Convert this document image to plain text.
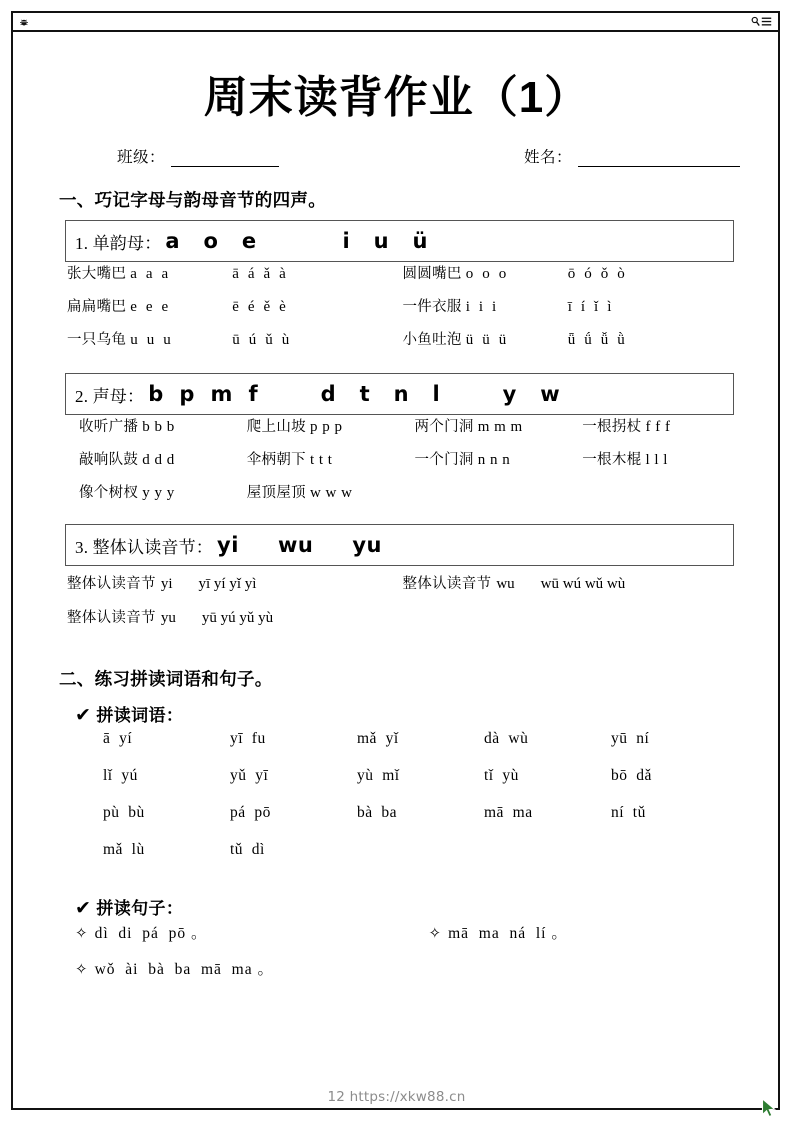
周末读背作业（1）
班级：	姓名：
一、巧记字母与韵母音节的四声。
1. 单韵母： a   o   e           i   u   ü
张大嘴巴 a  a  a	ā  á  ǎ  à	圆圆嘴巴 o  o  o	ō  ó  ǒ  ò
扁扁嘴巴 e  e  e	ē  é  ě  è	一件衣服 i  i  i	ī  í  ǐ  ì
一只乌龟 u  u  u	ū  ú  ǔ  ù	小鱼吐泡 ü  ü  ü	ǖ  ǘ  ǚ  ǜ
2. 声母： b  p  m  f        d   t   n   l        y   w
收听广播 b b b	爬上山坡 p p p	两个门洞 m m m	一根拐杖 f f f
敲响队鼓 d d d	伞柄朝下 t t t	一个门洞 n n n	一根木棍 l l l
像个树杈 y y y	屋顶屋顶 w w w
3. 整体认读音节： yi     wu     yu
整体认读音节 yi	yī yí yǐ yì	整体认读音节 wu	wū wú wǔ wù
整体认读音节 yu	yū yú yǔ yù
二、练习拼读词语和句子。
✔ 拼读词语：
ā  yí	yī  fu	mǎ  yǐ	dà  wù	yū  ní
lǐ  yú	yǔ  yī	yù  mǐ	tǐ  yù	bō  dǎ
pù  bù	pá  pō	bà  ba	mā  ma	ní  tǔ
mǎ  lù	tǔ  dì
✔ 拼读句子：
✧ dì  di  pá  pō 。	✧ mā  ma  ná  lí 。
✧ wǒ  ài  bà  ba  mā  ma 。
12 https://xkw88.cn
